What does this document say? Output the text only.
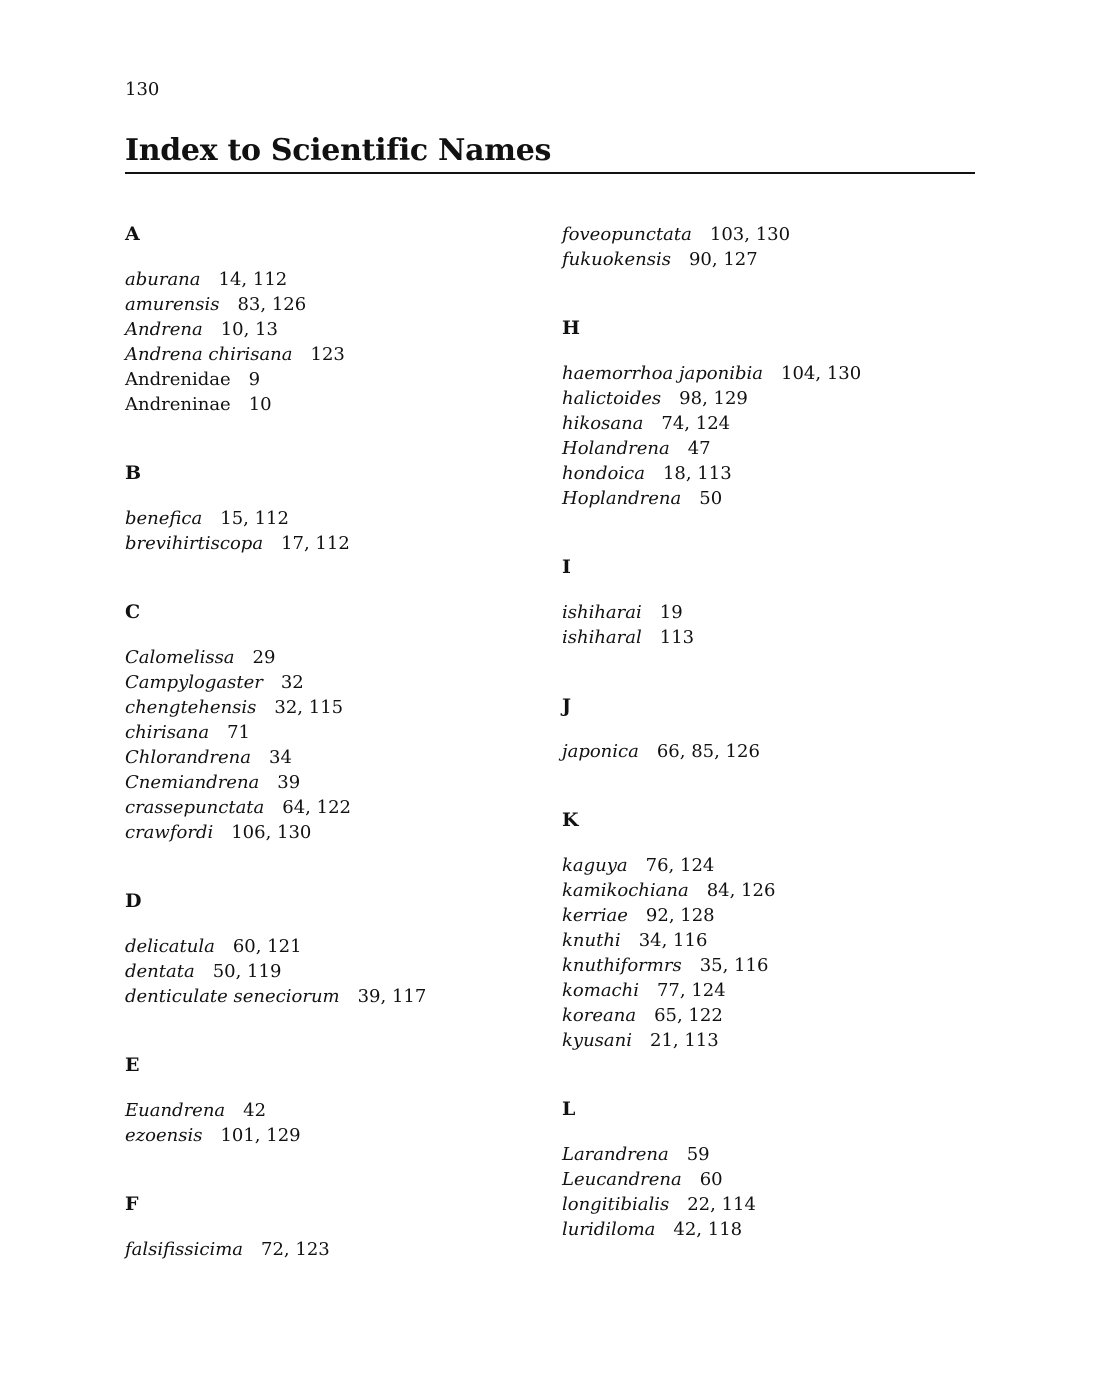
130
Index to Scientific Names
A
aburana 14, 112
amurensis 83, 126
Andrena 10, 13
Andrena chirisana 123
Andrenidae 9
Andreninae 10
B
benefica 15, 112
brevihirtiscopa 17, 112
C
Calomelissa 29
Campylogaster 32
chengtehensis 32, 115
chirisana 71
Chlorandrena 34
Cnemiandrena 39
crassepunctata 64, 122
crawfordi 106, 130
D
delicatula 60, 121
dentata 50, 119
denticulate seneciorum 39, 117
E
Euandrena 42
ezoensis 101, 129
F
falsifissicima 72, 123
foveopunctata 103, 130
fukuokensis 90, 127
H
haemorrhoa japonibia 104, 130
halictoides 98, 129
hikosana 74, 124
Holandrena 47
hondoica 18, 113
Hoplandrena 50
I
ishiharai 19
ishiharal 113
J
japonica 66, 85, 126
K
kaguya 76, 124
kamikochiana 84, 126
kerriae 92, 128
knuthi 34, 116
knuthiformrs 35, 116
komachi 77, 124
koreana 65, 122
kyusani 21, 113
L
Larandrena 59
Leucandrena 60
longitibialis 22, 114
luridiloma 42, 118
